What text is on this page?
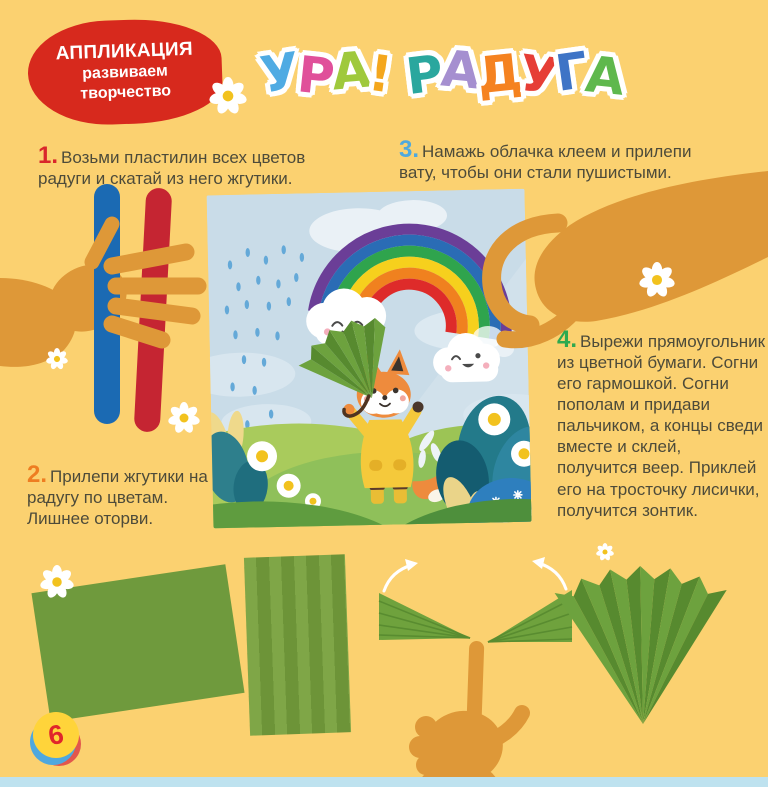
АППЛИКАЦИЯ
развиваем
творчество У
Р
А
! Р
А
Д
У
Г
А

1. Возьми пластилин всех цветов радуги и скатай из него жгутики.

2. Прилепи жгутики на радугу по цветам. Лишнее оторви.

3. Намажь облачка клеем и прилепи вату, чтобы они стали пушистыми.

4. Вырежи прямоугольник из цветной бумаги. Согни его гармошкой. Согни пополам и придави пальчиком, а концы сведи вместе и склей, получится веер. Приклей его на тросточку лисички, получится зонтик.

6
